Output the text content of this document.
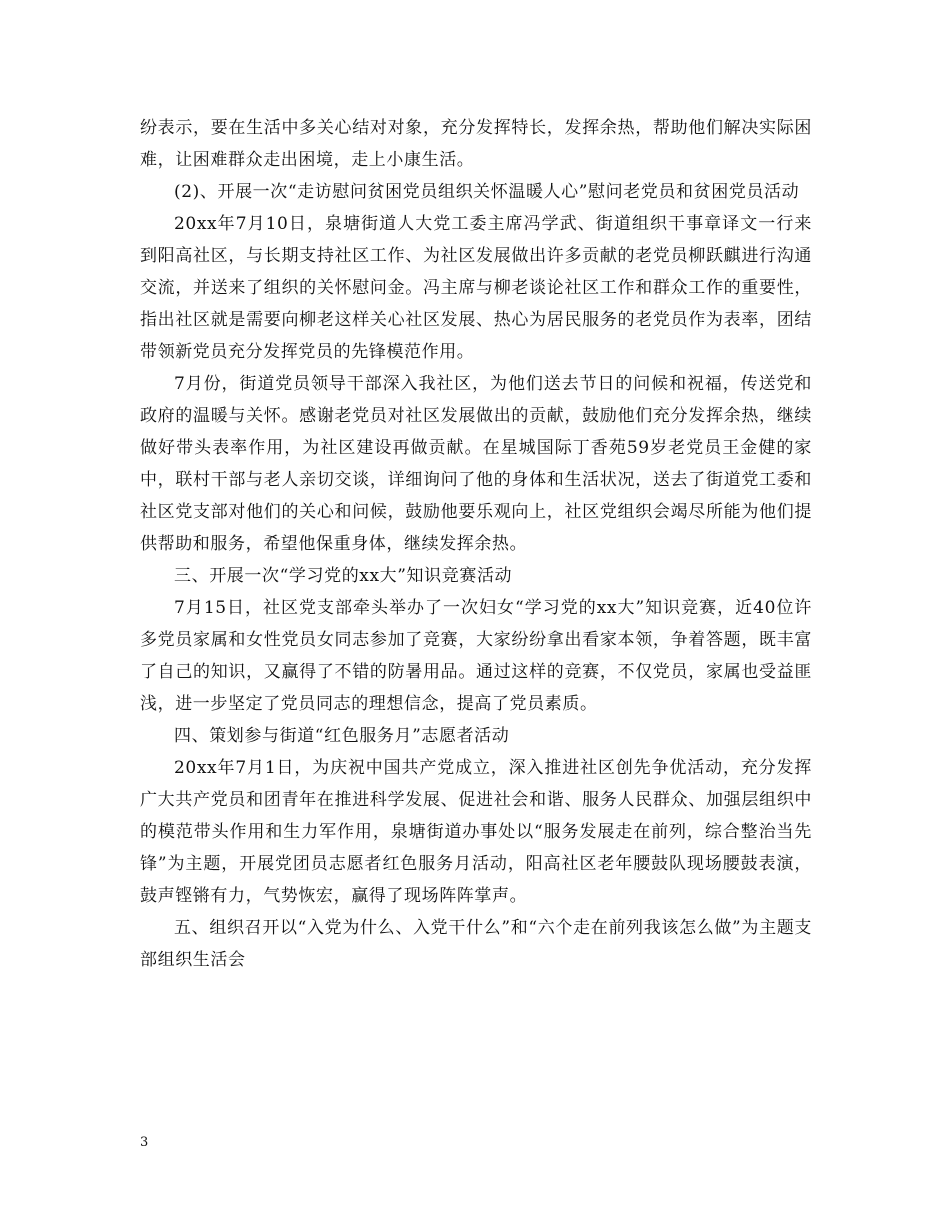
纷表示，要在生活中多关心结对对象，充分发挥特长，发挥余热，帮助他们解决实际困难，让困难群众走出困境，走上小康生活。

(2)、开展一次“走访慰问贫困党员组织关怀温暖人心”慰问老党员和贫困党员活动

20xx年7月10日，泉塘街道人大党工委主席冯学武、街道组织干事章译文一行来到阳高社区，与长期支持社区工作、为社区发展做出许多贡献的老党员柳跃麒进行沟通交流，并送来了组织的关怀慰问金。冯主席与柳老谈论社区工作和群众工作的重要性，指出社区就是需要向柳老这样关心社区发展、热心为居民服务的老党员作为表率，团结带领新党员充分发挥党员的先锋模范作用。

7月份，街道党员领导干部深入我社区，为他们送去节日的问候和祝福，传送党和政府的温暖与关怀。感谢老党员对社区发展做出的贡献，鼓励他们充分发挥余热，继续做好带头表率作用，为社区建设再做贡献。在星城国际丁香苑59岁老党员王金健的家中，联村干部与老人亲切交谈，详细询问了他的身体和生活状况，送去了街道党工委和社区党支部对他们的关心和问候，鼓励他要乐观向上，社区党组织会竭尽所能为他们提供帮助和服务，希望他保重身体，继续发挥余热。

三、开展一次“学习党的xx大”知识竞赛活动

7月15日，社区党支部牵头举办了一次妇女“学习党的xx大”知识竞赛，近40位许多党员家属和女性党员女同志参加了竞赛，大家纷纷拿出看家本领，争着答题，既丰富了自己的知识，又赢得了不错的防暑用品。通过这样的竞赛，不仅党员，家属也受益匪浅，进一步坚定了党员同志的理想信念，提高了党员素质。

四、策划参与街道“红色服务月”志愿者活动

20xx年7月1日，为庆祝中国共产党成立，深入推进社区创先争优活动，充分发挥广大共产党员和团青年在推进科学发展、促进社会和谐、服务人民群众、加强层组织中的模范带头作用和生力军作用，泉塘街道办事处以“服务发展走在前列，综合整治当先锋”为主题，开展党团员志愿者红色服务月活动，阳高社区老年腰鼓队现场腰鼓表演，鼓声铿锵有力，气势恢宏，赢得了现场阵阵掌声。

五、组织召开以“入党为什么、入党干什么”和“六个走在前列我该怎么做”为主题支部组织生活会

3
